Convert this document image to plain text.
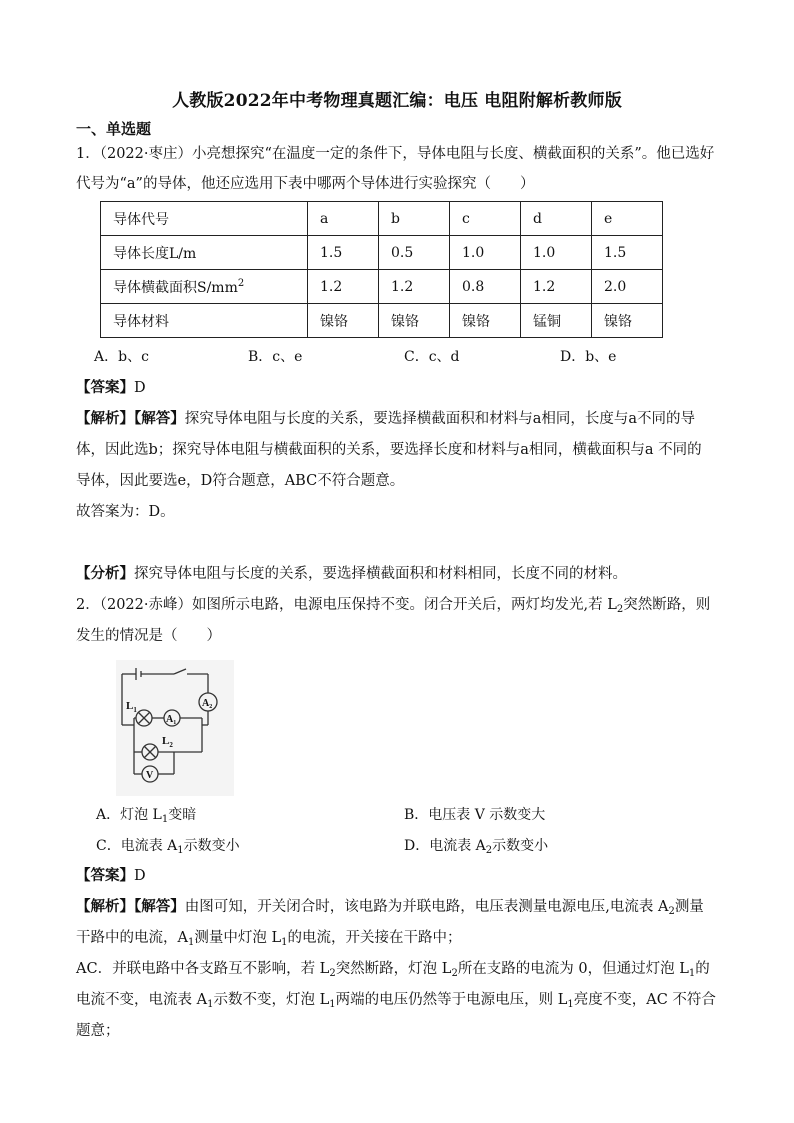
人教版2022年中考物理真题汇编：电压 电阻附解析教师版
一、单选题
1．（2022·枣庄）小亮想探究“在温度一定的条件下，导体电阻与长度、横截面积的关系”。他已选好
代号为“a”的导体，他还应选用下表中哪两个导体进行实验探究（　　）
导体代号	a	b	c	d	e
导体长度L/m	1.5	0.5	1.0	1.0	1.5
导体横截面积$S/mm^2$	1.2	1.2	0.8	1.2	2.0
导体材料	镍铬	镍铬	镍铬	锰铜	镍铬
A．b、c	B．c、e	C．c、d	D．b、e
【答案】D
【解析】【解答】探究导体电阻与长度的关系，要选择横截面积和材料与a相同，长度与a不同的导
体，因此选b；探究导体电阻与横截面积的关系，要选择长度和材料与a相同，横截面积与a 不同的
导体，因此要选e，D符合题意，ABC不符合题意。
故答案为：D。
【分析】探究导体电阻与长度的关系，要选择横截面积和材料相同，长度不同的材料。
2．（2022·赤峰）如图所示电路，电源电压保持不变。闭合开关后，两灯均发光,若 $L_2$突然断路，则
发生的情况是（　　）
$L_1$
$A_1$
$A_2$
$L_2$
V
A．灯泡 $L_1$变暗	B．电压表 V 示数变大
C．电流表 $A_1$示数变小	D．电流表 $A_2$示数变小
【答案】D
【解析】【解答】由图可知，开关闭合时，该电路为并联电路，电压表测量电源电压,电流表 $A_2$测量
干路中的电流，$A_1$测量中灯泡 $L_1$的电流，开关接在干路中；
AC．并联电路中各支路互不影响，若 $L_2$突然断路，灯泡 $L_2$所在支路的电流为 0，但通过灯泡 $L_1$的
电流不变，电流表 $A_1$示数不变，灯泡 $L_1$两端的电压仍然等于电源电压，则 $L_1$亮度不变，AC 不符合
题意；
